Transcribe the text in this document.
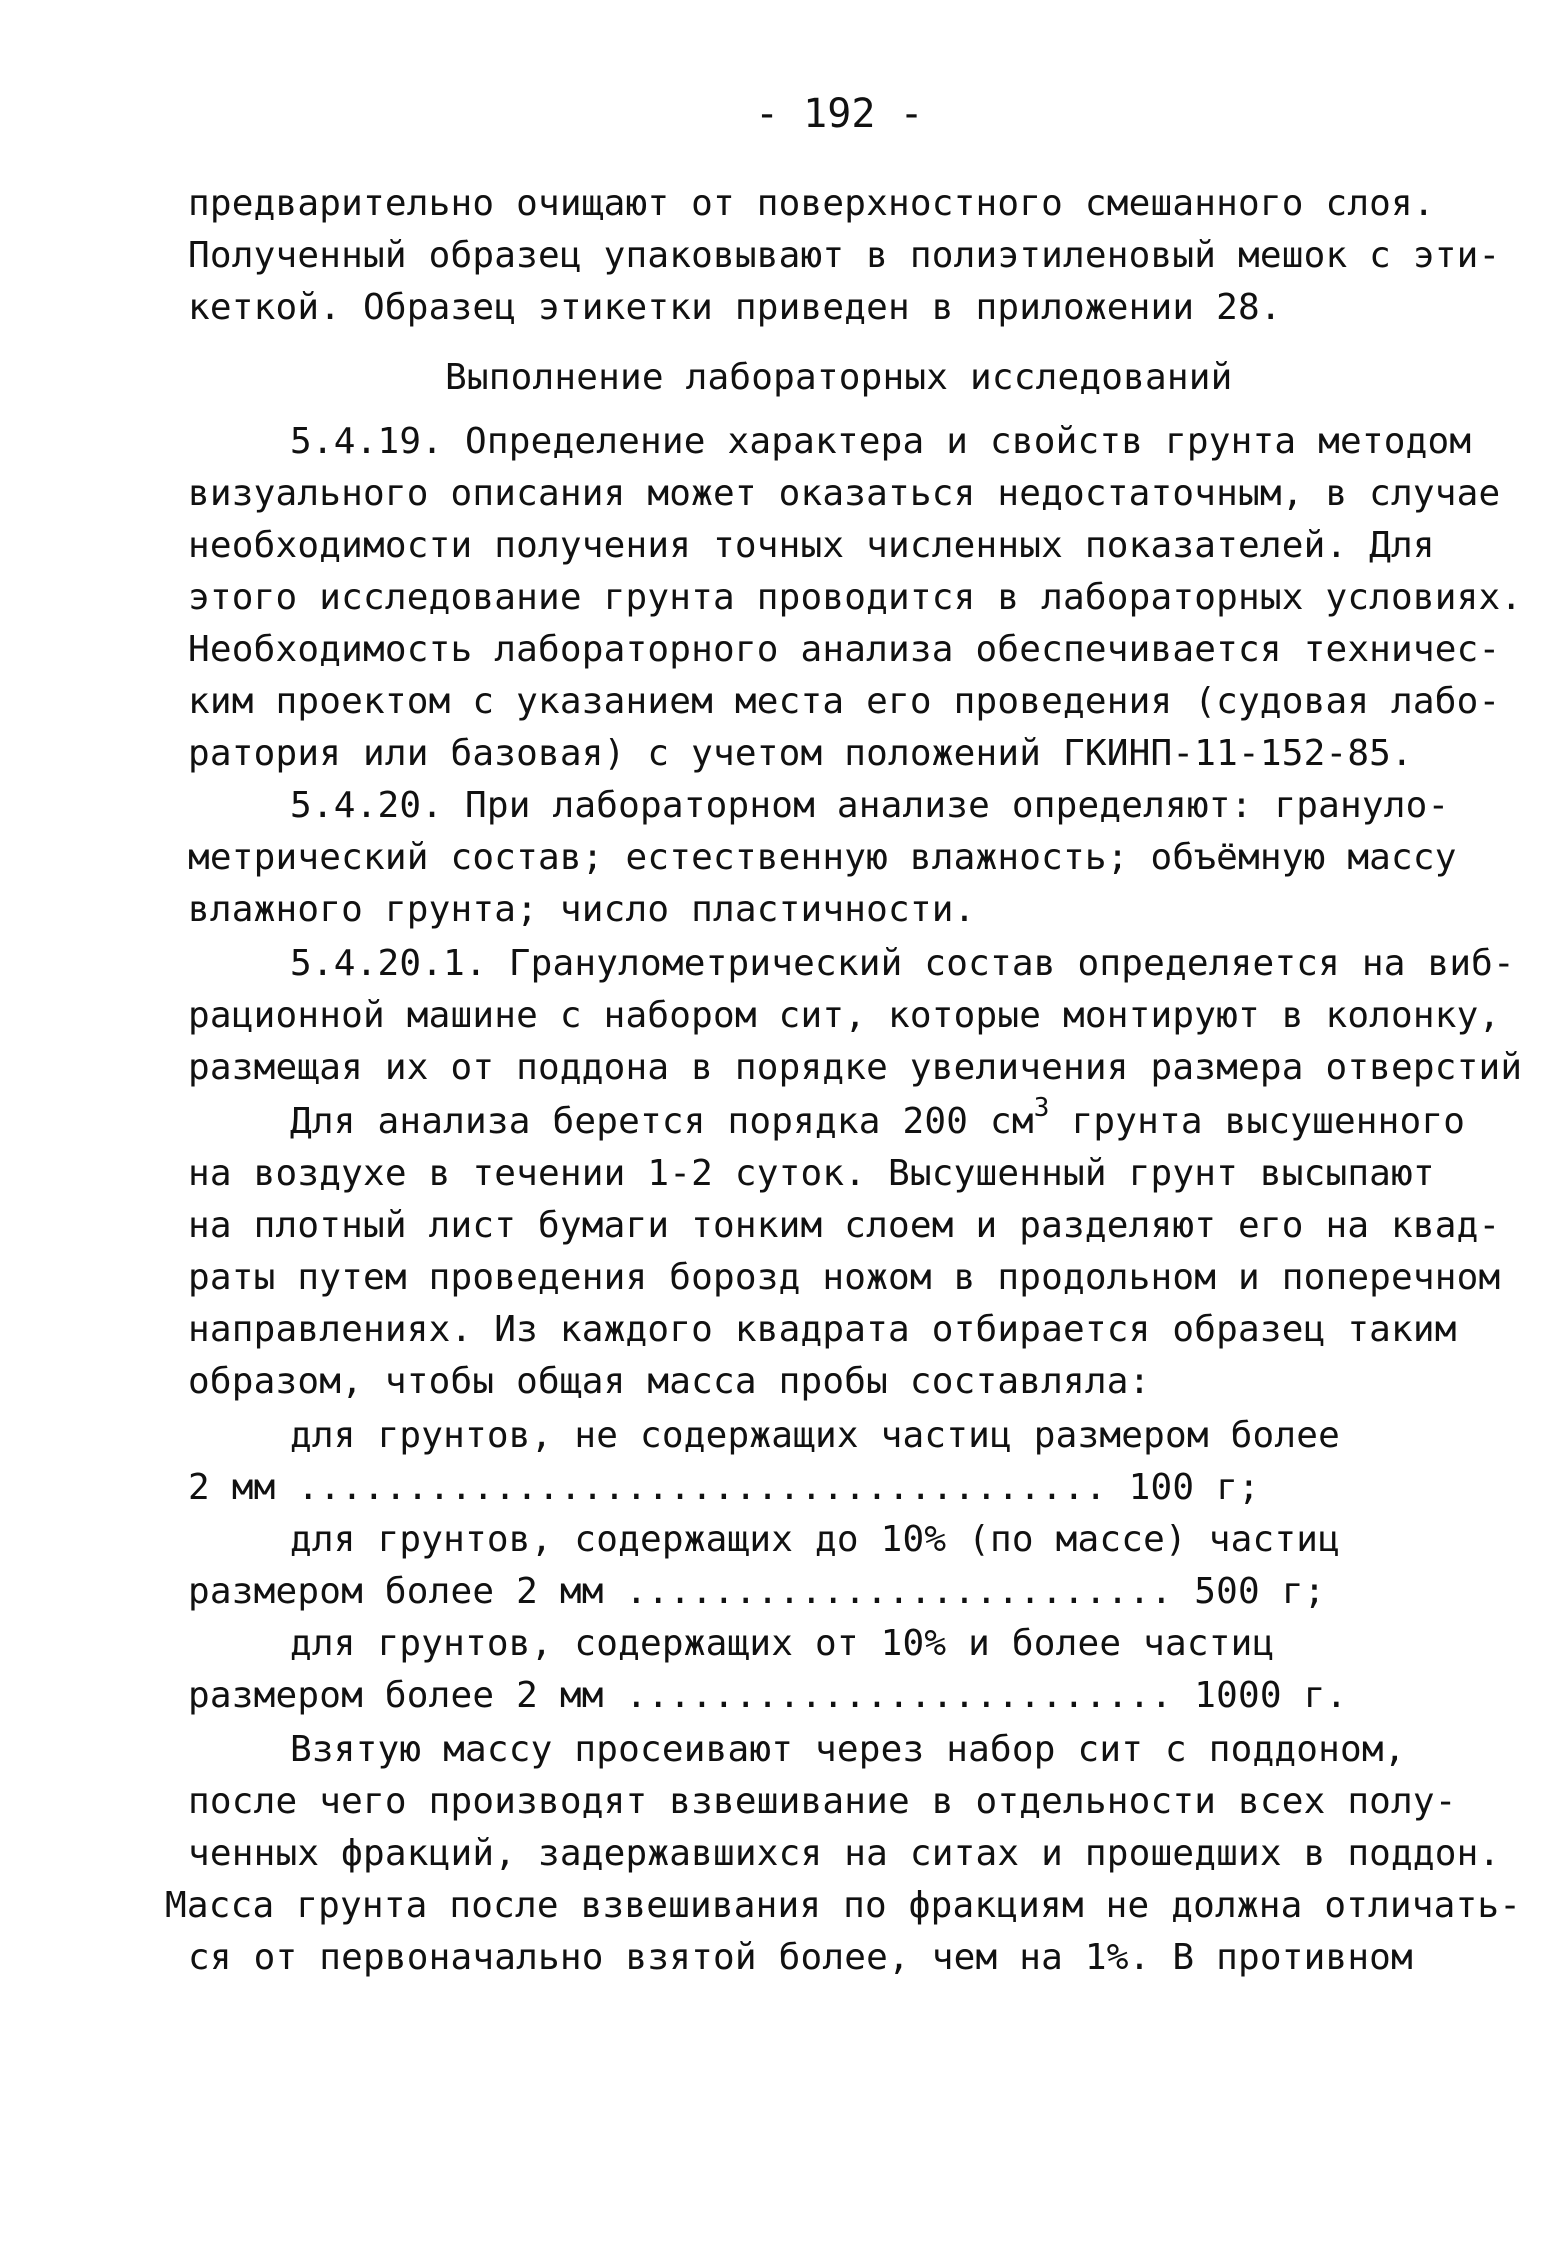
- 192 -
предварительно очищают от поверхностного смешанного слоя.
Полученный образец упаковывают в полиэтиленовый мешок с эти-
кеткой. Образец этикетки приведен в приложении 28.
Выполнение лабораторных исследований
5.4.19. Определение характера и свойств грунта методом
визуального описания может оказаться недостаточным, в случае
необходимости получения точных численных показателей. Для
этого исследование грунта проводится в лабораторных условиях.
Необходимость лабораторного анализа обеспечивается техничес-
ким проектом с указанием места его проведения (судовая лабо-
ратория или базовая) с учетом положений ГКИНП-11-152-85.
5.4.20. При лабораторном анализе определяют: грануло-
метрический состав; естественную влажность; объёмную массу
влажного грунта; число пластичности.
5.4.20.1. Гранулометрический состав определяется на виб-
рационной машине с набором сит, которые монтируют в колонку,
размещая их от поддона в порядке увеличения размера отверстий
Для анализа берется порядка 200 $см^3$ грунта высушенного
на воздухе в течении 1-2 суток. Высушенный грунт высыпают
на плотный лист бумаги тонким слоем и разделяют его на квад-
раты путем проведения борозд ножом в продольном и поперечном
направлениях. Из каждого квадрата отбирается образец таким
образом, чтобы общая масса пробы составляла:
для грунтов, не содержащих частиц размером более
2 мм ..................................... 100 г;
для грунтов, содержащих до 10% (по массе) частиц
размером более 2 мм ......................... 500 г;
для грунтов, содержащих от 10% и более частиц
размером более 2 мм ......................... 1000 г.
Взятую массу просеивают через набор сит с поддоном,
после чего производят взвешивание в отдельности всех полу-
ченных фракций, задержавшихся на ситах и прошедших в поддон.
Масса грунта после взвешивания по фракциям не должна отличать-
ся от первоначально взятой более, чем на 1%. В противном
